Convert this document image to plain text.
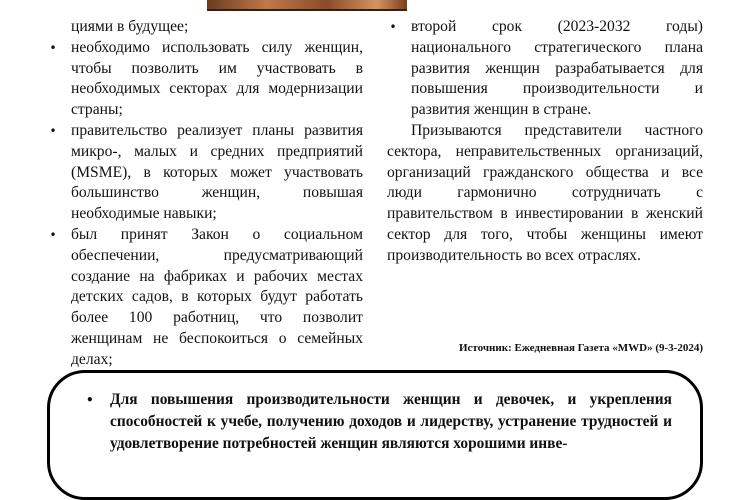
циями в будущее;
• необходимо использовать силу женщин, чтобы позволить им участвовать в необходимых секторах для модернизации страны;
• правительство реализует планы развития микро-, малых и средних предприятий (MSME), в которых может участвовать большинство женщин, повышая необходимые навыки;
• был принят Закон о социальном обеспечении, предусматривающий создание на фабриках и рабочих местах детских садов, в которых будут работать более 100 работниц, что позволит женщинам не беспокоиться о семейных делах;
• второй срок (2023-2032 годы) национального стратегического плана развития женщин разрабатывается для повышения производительности и развития женщин в стране.

Призываются представители частного сектора, неправительственных организаций, организаций гражданского общества и все люди гармонично сотрудничать с правительством в инвестировании в женский сектор для того, чтобы женщины имеют производительность во всех отраслях.

Источник: Ежедневная Газета «MWD» (9-3-2024)
• Для повышения производительности женщин и девочек, и укрепления способностей к учебе, получению доходов и лидерству, устранение трудностей и удовлетворение потребностей женщин являются хорошими инве-
